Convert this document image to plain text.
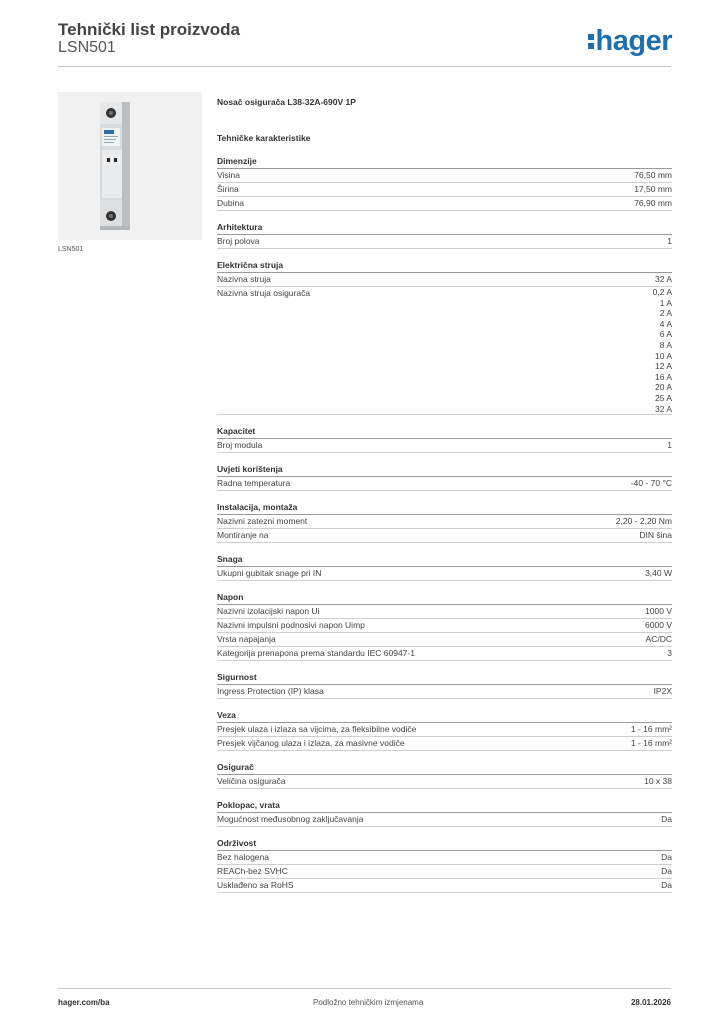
Tehnički list proizvoda
LSN501	hager
LSN501
Nosač osigurača L38-32A-690V 1P
Tehničke karakteristike
Dimenzije
Visina	76,50 mm
Širina	17,50 mm
Dubina	76,90 mm
Arhitektura
Broj polova	1
Električna struja
Nazivna struja	32 A
Nazivna struja osigurača	0,2 A
1 A
2 A
4 A
6 A
8 A
10 A
12 A
16 A
20 A
25 A
32 A
Kapacitet
Broj modula	1
Uvjeti korištenja
Radna temperatura	-40 - 70 °C
Instalacija, montaža
Nazivni zatezni moment	2,20 - 2,20 Nm
Montiranje na	DIN šina
Snaga
Ukupni gubitak snage pri IN	3,40 W
Napon
Nazivni izolacijski napon Ui	1000 V
Nazivni impulsni podnosivi napon Uimp	6000 V
Vrsta napajanja	AC/DC
Kategorija prenapona prema standardu IEC 60947-1	3
Sigurnost
Ingress Protection (IP) klasa	IP2X
Veza
Presjek ulaza i izlaza sa vijcima, za fleksibilne vodiče	1 - 16 mm²
Presjek vijčanog ulaza i izlaza, za masivne vodiče	1 - 16 mm²
Osigurač
Veličina osigurača	10 x 38
Poklopac, vrata
Mogućnost međusobnog zaključavanja	Da
Održivost
Bez halogena	Da
REACh-bez SVHC	Da
Usklađeno sa RoHS	Da
hager.com/ba	Podložno tehničkim izmjenama	28.01.2026
